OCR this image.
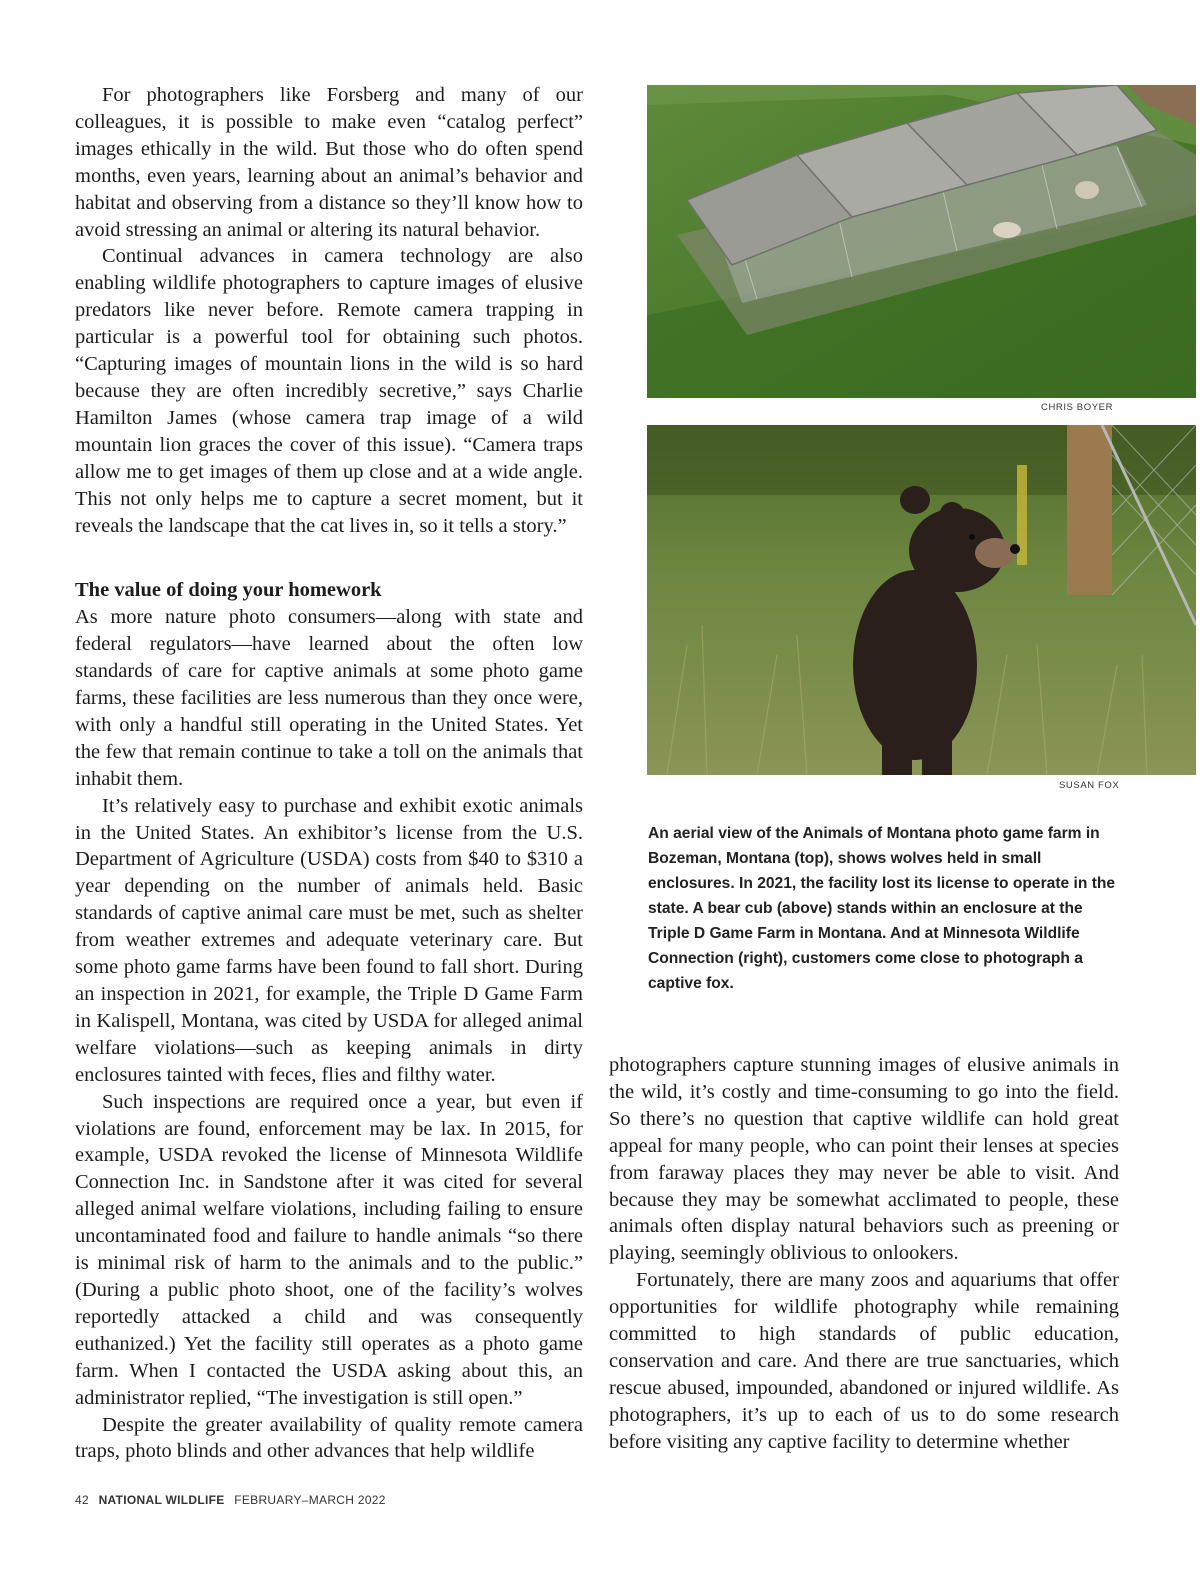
For photographers like Forsberg and many of our colleagues, it is possible to make even “catalog perfect” images ethically in the wild. But those who do often spend months, even years, learning about an animal’s behavior and habitat and observing from a distance so they’ll know how to avoid stressing an animal or altering its natural behavior.

Continual advances in camera technology are also enabling wildlife photographers to capture images of elusive predators like never before. Remote camera trapping in particular is a powerful tool for obtaining such photos. “Capturing images of mountain lions in the wild is so hard because they are often incredibly secretive,” says Charlie Hamilton James (whose camera trap image of a wild mountain lion graces the cover of this issue). “Camera traps allow me to get images of them up close and at a wide angle. This not only helps me to capture a secret moment, but it reveals the landscape that the cat lives in, so it tells a story.”

The value of doing your homework

As more nature photo consumers—along with state and federal regulators—have learned about the often low standards of care for captive animals at some photo game farms, these facilities are less numerous than they once were, with only a handful still operating in the United States. Yet the few that remain continue to take a toll on the animals that inhabit them.

It’s relatively easy to purchase and exhibit exotic animals in the United States. An exhibitor’s license from the U.S. Department of Agriculture (USDA) costs from $40 to $310 a year depending on the number of animals held. Basic standards of captive animal care must be met, such as shelter from weather extremes and adequate veterinary care. But some photo game farms have been found to fall short. During an inspection in 2021, for example, the Triple D Game Farm in Kalispell, Montana, was cited by USDA for alleged animal welfare violations—such as keeping animals in dirty enclosures tainted with feces, flies and filthy water.

Such inspections are required once a year, but even if violations are found, enforcement may be lax. In 2015, for example, USDA revoked the license of Minnesota Wildlife Connection Inc. in Sandstone after it was cited for several alleged animal welfare violations, including failing to ensure uncontaminated food and failure to handle animals “so there is minimal risk of harm to the animals and to the public.” (During a public photo shoot, one of the facility’s wolves reportedly attacked a child and was consequently euthanized.) Yet the facility still operates as a photo game farm. When I contacted the USDA asking about this, an administrator replied, “The investigation is still open.”

Despite the greater availability of quality remote camera traps, photo blinds and other advances that help wildlife

CHRIS BOYER
SUSAN FOX
An aerial view of the Animals of Montana photo game farm in Bozeman, Montana (top), shows wolves held in small enclosures. In 2021, the facility lost its license to operate in the state. A bear cub (above) stands within an enclosure at the Triple D Game Farm in Montana. And at Minnesota Wildlife Connection (right), customers come close to photograph a captive fox.

photographers capture stunning images of elusive animals in the wild, it’s costly and time-consuming to go into the field. So there’s no question that captive wildlife can hold great appeal for many people, who can point their lenses at species from faraway places they may never be able to visit. And because they may be somewhat acclimated to people, these animals often display natural behaviors such as preening or playing, seemingly oblivious to onlookers.

Fortunately, there are many zoos and aquariums that offer opportunities for wildlife photography while remaining committed to high standards of public education, conservation and care. And there are true sanctuaries, which rescue abused, impounded, abandoned or injured wildlife. As photographers, it’s up to each of us to do some research before visiting any captive facility to determine whether

42 NATIONAL WILDLIFE FEBRUARY–MARCH 2022
